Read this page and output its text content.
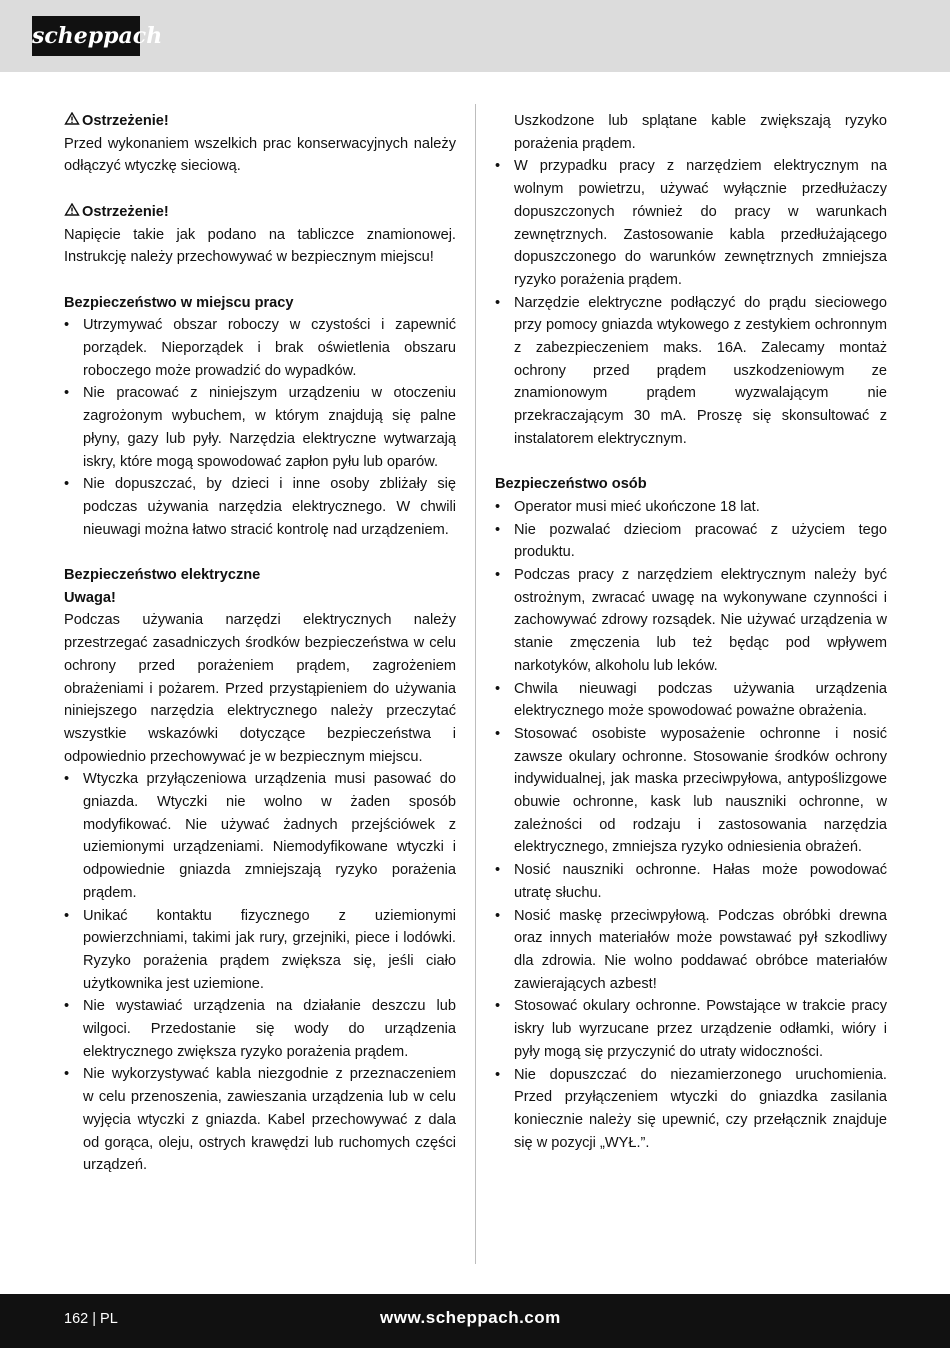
scheppach

Ostrzeżenie!

Przed wykonaniem wszelkich prac konserwacyjnych należy odłączyć wtyczkę sieciową.

Ostrzeżenie!

Napięcie takie jak podano na tabliczce znamionowej. Instrukcję należy przechowywać w bezpiecznym miejscu!

Bezpieczeństwo w miejscu pracy

• Utrzymywać obszar roboczy w czystości i zapewnić porządek. Nieporządek i brak oświetlenia obszaru roboczego może prowadzić do wypadków.
• Nie pracować z niniejszym urządzeniu w otoczeniu zagrożonym wybuchem, w którym znajdują się palne płyny, gazy lub pyły. Narzędzia elektryczne wytwarzają iskry, które mogą spowodować zapłon pyłu lub oparów.
• Nie dopuszczać, by dzieci i inne osoby zbliżały się podczas używania narzędzia elektrycznego. W chwili nieuwagi można łatwo stracić kontrolę nad urządzeniem.

Bezpieczeństwo elektryczne

Uwaga!

Podczas używania narzędzi elektrycznych należy przestrzegać zasadniczych środków bezpieczeństwa w celu ochrony przed porażeniem prądem, zagrożeniem obrażeniami i pożarem. Przed przystąpieniem do używania niniejszego narzędzia elektrycznego należy przeczytać wszystkie wskazówki dotyczące bezpieczeństwa i odpowiednio przechowywać je w bezpiecznym miejscu.

• Wtyczka przyłączeniowa urządzenia musi pasować do gniazda. Wtyczki nie wolno w żaden sposób modyfikować. Nie używać żadnych przejściówek z uziemionymi urządzeniami. Niemodyfikowane wtyczki i odpowiednie gniazda zmniejszają ryzyko porażenia prądem.
• Unikać kontaktu fizycznego z uziemionymi powierzchniami, takimi jak rury, grzejniki, piece i lodówki. Ryzyko porażenia prądem zwiększa się, jeśli ciało użytkownika jest uziemione.
• Nie wystawiać urządzenia na działanie deszczu lub wilgoci. Przedostanie się wody do urządzenia elektrycznego zwiększa ryzyko porażenia prądem.
• Nie wykorzystywać kabla niezgodnie z przeznaczeniem w celu przenoszenia, zawieszania urządzenia lub w celu wyjęcia wtyczki z gniazda. Kabel przechowywać z dala od gorąca, oleju, ostrych krawędzi lub ruchomych części urządzeń.

Uszkodzone lub splątane kable zwiększają ryzyko porażenia prądem.

• W przypadku pracy z narzędziem elektrycznym na wolnym powietrzu, używać wyłącznie przedłużaczy dopuszczonych również do pracy w warunkach zewnętrznych. Zastosowanie kabla przedłużającego dopuszczonego do warunków zewnętrznych zmniejsza ryzyko porażenia prądem.
• Narzędzie elektryczne podłączyć do prądu sieciowego przy pomocy gniazda wtykowego z zestykiem ochronnym z zabezpieczeniem maks. 16A. Zalecamy montaż ochrony przed prądem uszkodzeniowym ze znamionowym prądem wyzwalającym nie przekraczającym 30 mA. Proszę się skonsultować z instalatorem elektrycznym.

Bezpieczeństwo osób

• Operator musi mieć ukończone 18 lat.
• Nie pozwalać dzieciom pracować z użyciem tego produktu.
• Podczas pracy z narzędziem elektrycznym należy być ostrożnym, zwracać uwagę na wykonywane czynności i zachowywać zdrowy rozsądek. Nie używać urządzenia w stanie zmęczenia lub też będąc pod wpływem narkotyków, alkoholu lub leków.
• Chwila nieuwagi podczas używania urządzenia elektrycznego może spowodować poważne obrażenia.
• Stosować osobiste wyposażenie ochronne i nosić zawsze okulary ochronne. Stosowanie środków ochrony indywidualnej, jak maska przeciwpyłowa, antypoślizgowe obuwie ochronne, kask lub nauszniki ochronne, w zależności od rodzaju i zastosowania narzędzia elektrycznego, zmniejsza ryzyko odniesienia obrażeń.
• Nosić nauszniki ochronne. Hałas może powodować utratę słuchu.
• Nosić maskę przeciwpyłową. Podczas obróbki drewna oraz innych materiałów może powstawać pył szkodliwy dla zdrowia. Nie wolno poddawać obróbce materiałów zawierających azbest!
• Stosować okulary ochronne. Powstające w trakcie pracy iskry lub wyrzucane przez urządzenie odłamki, wióry i pyły mogą się przyczynić do utraty widoczności.
• Nie dopuszczać do niezamierzonego uruchomienia. Przed przyłączeniem wtyczki do gniazdka zasilania koniecznie należy się upewnić, czy przełącznik znajduje się w pozycji „WYŁ.”.
162 | PL	www.scheppach.com
